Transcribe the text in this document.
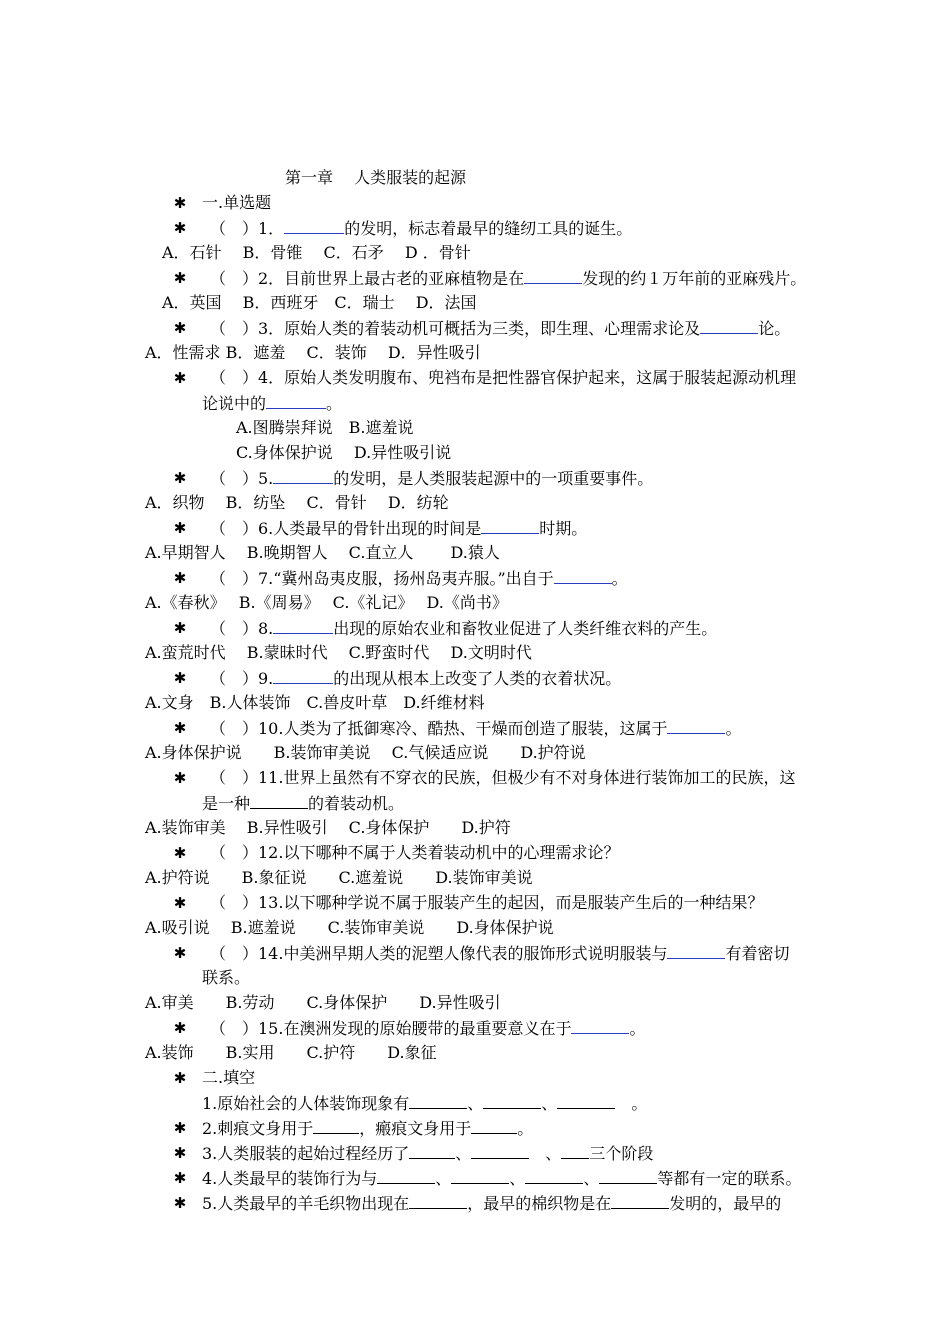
第一章　 人类服装的起源
✱ 一.单选题
✱ （　）1．	的发明，标志着最早的缝纫工具的诞生。
A．石针　 B．骨锥　 C．石矛　 D ．骨针
✱ （　）2．目前世界上最古老的亚麻植物是在	发现的约１万年前的亚麻残片。
A．英国　 B．西班牙　C．瑞士　 D．法国
✱ （　）3．原始人类的着装动机可概括为三类，即生理、心理需求论及	论。
A．性需求 B．遮羞　 C．装饰　 D．异性吸引
✱ （　）4．原始人类发明腹布、兜裆布是把性器官保护起来，这属于服装起源动机理
论说中的	。
A.图腾崇拜说　B.遮羞说
C.身体保护说　 D.异性吸引说
✱ （　）5.	的发明，是人类服装起源中的一项重要事件。
A．织物　 B．纺坠　 C．骨针　 D．纺轮
✱ （　）6.人类最早的骨针出现的时间是	时期。
A.早期智人　 B.晚期智人　 C.直立人　　 D.猿人
✱ （　）7.“冀州岛夷皮服，扬州岛夷卉服。”出自于	。
A.《春秋》　 B.《周易》　 C.《礼记》　 D.《尚书》
✱ （　）8.	出现的原始农业和畜牧业促进了人类纤维衣料的产生。
A.蛮荒时代　 B.蒙昧时代　 C.野蛮时代　 D.文明时代
✱ （　）9.	的出现从根本上改变了人类的衣着状况。
A.文身　B.人体装饰　C.兽皮叶草　D.纤维材料
✱ （　）10.人类为了抵御寒冷、酷热、干燥而创造了服装，这属于	。
A.身体保护说　　B.装饰审美说　 C.气候适应说　　D.护符说
✱ （　）11.世界上虽然有不穿衣的民族，但极少有不对身体进行装饰加工的民族，这
是一种	的着装动机。
A.装饰审美　 B.异性吸引　 C.身体保护　　D.护符
✱ （　）12.以下哪种不属于人类着装动机中的心理需求论？
A.护符说　　B.象征说　　C.遮羞说　　D.装饰审美说
✱ （　）13.以下哪种学说不属于服装产生的起因，而是服装产生后的一种结果？
A.吸引说　 B.遮羞说　　C.装饰审美说　　D.身体保护说
✱ （　）14.中美洲早期人类的泥塑人像代表的服饰形式说明服装与	有着密切
联系。
A.审美　　B.劳动　　C.身体保护　　D.异性吸引
✱ （　）15.在澳洲发现的原始腰带的最重要意义在于	。
A.装饰　　B.实用　　C.护符　　D.象征
✱ 二.填空
1.原始社会的人体装饰现象有	、	、	　。
✱ 2.刺痕文身用于	，瘢痕文身用于	。
✱ 3.人类服装的起始过程经历了	、	　、 三个阶段
✱ 4.人类最早的装饰行为与	、	、	、	等都有一定的联系。
✱ 5.人类最早的羊毛织物出现在	，最早的棉织物是在	发明的，最早的
